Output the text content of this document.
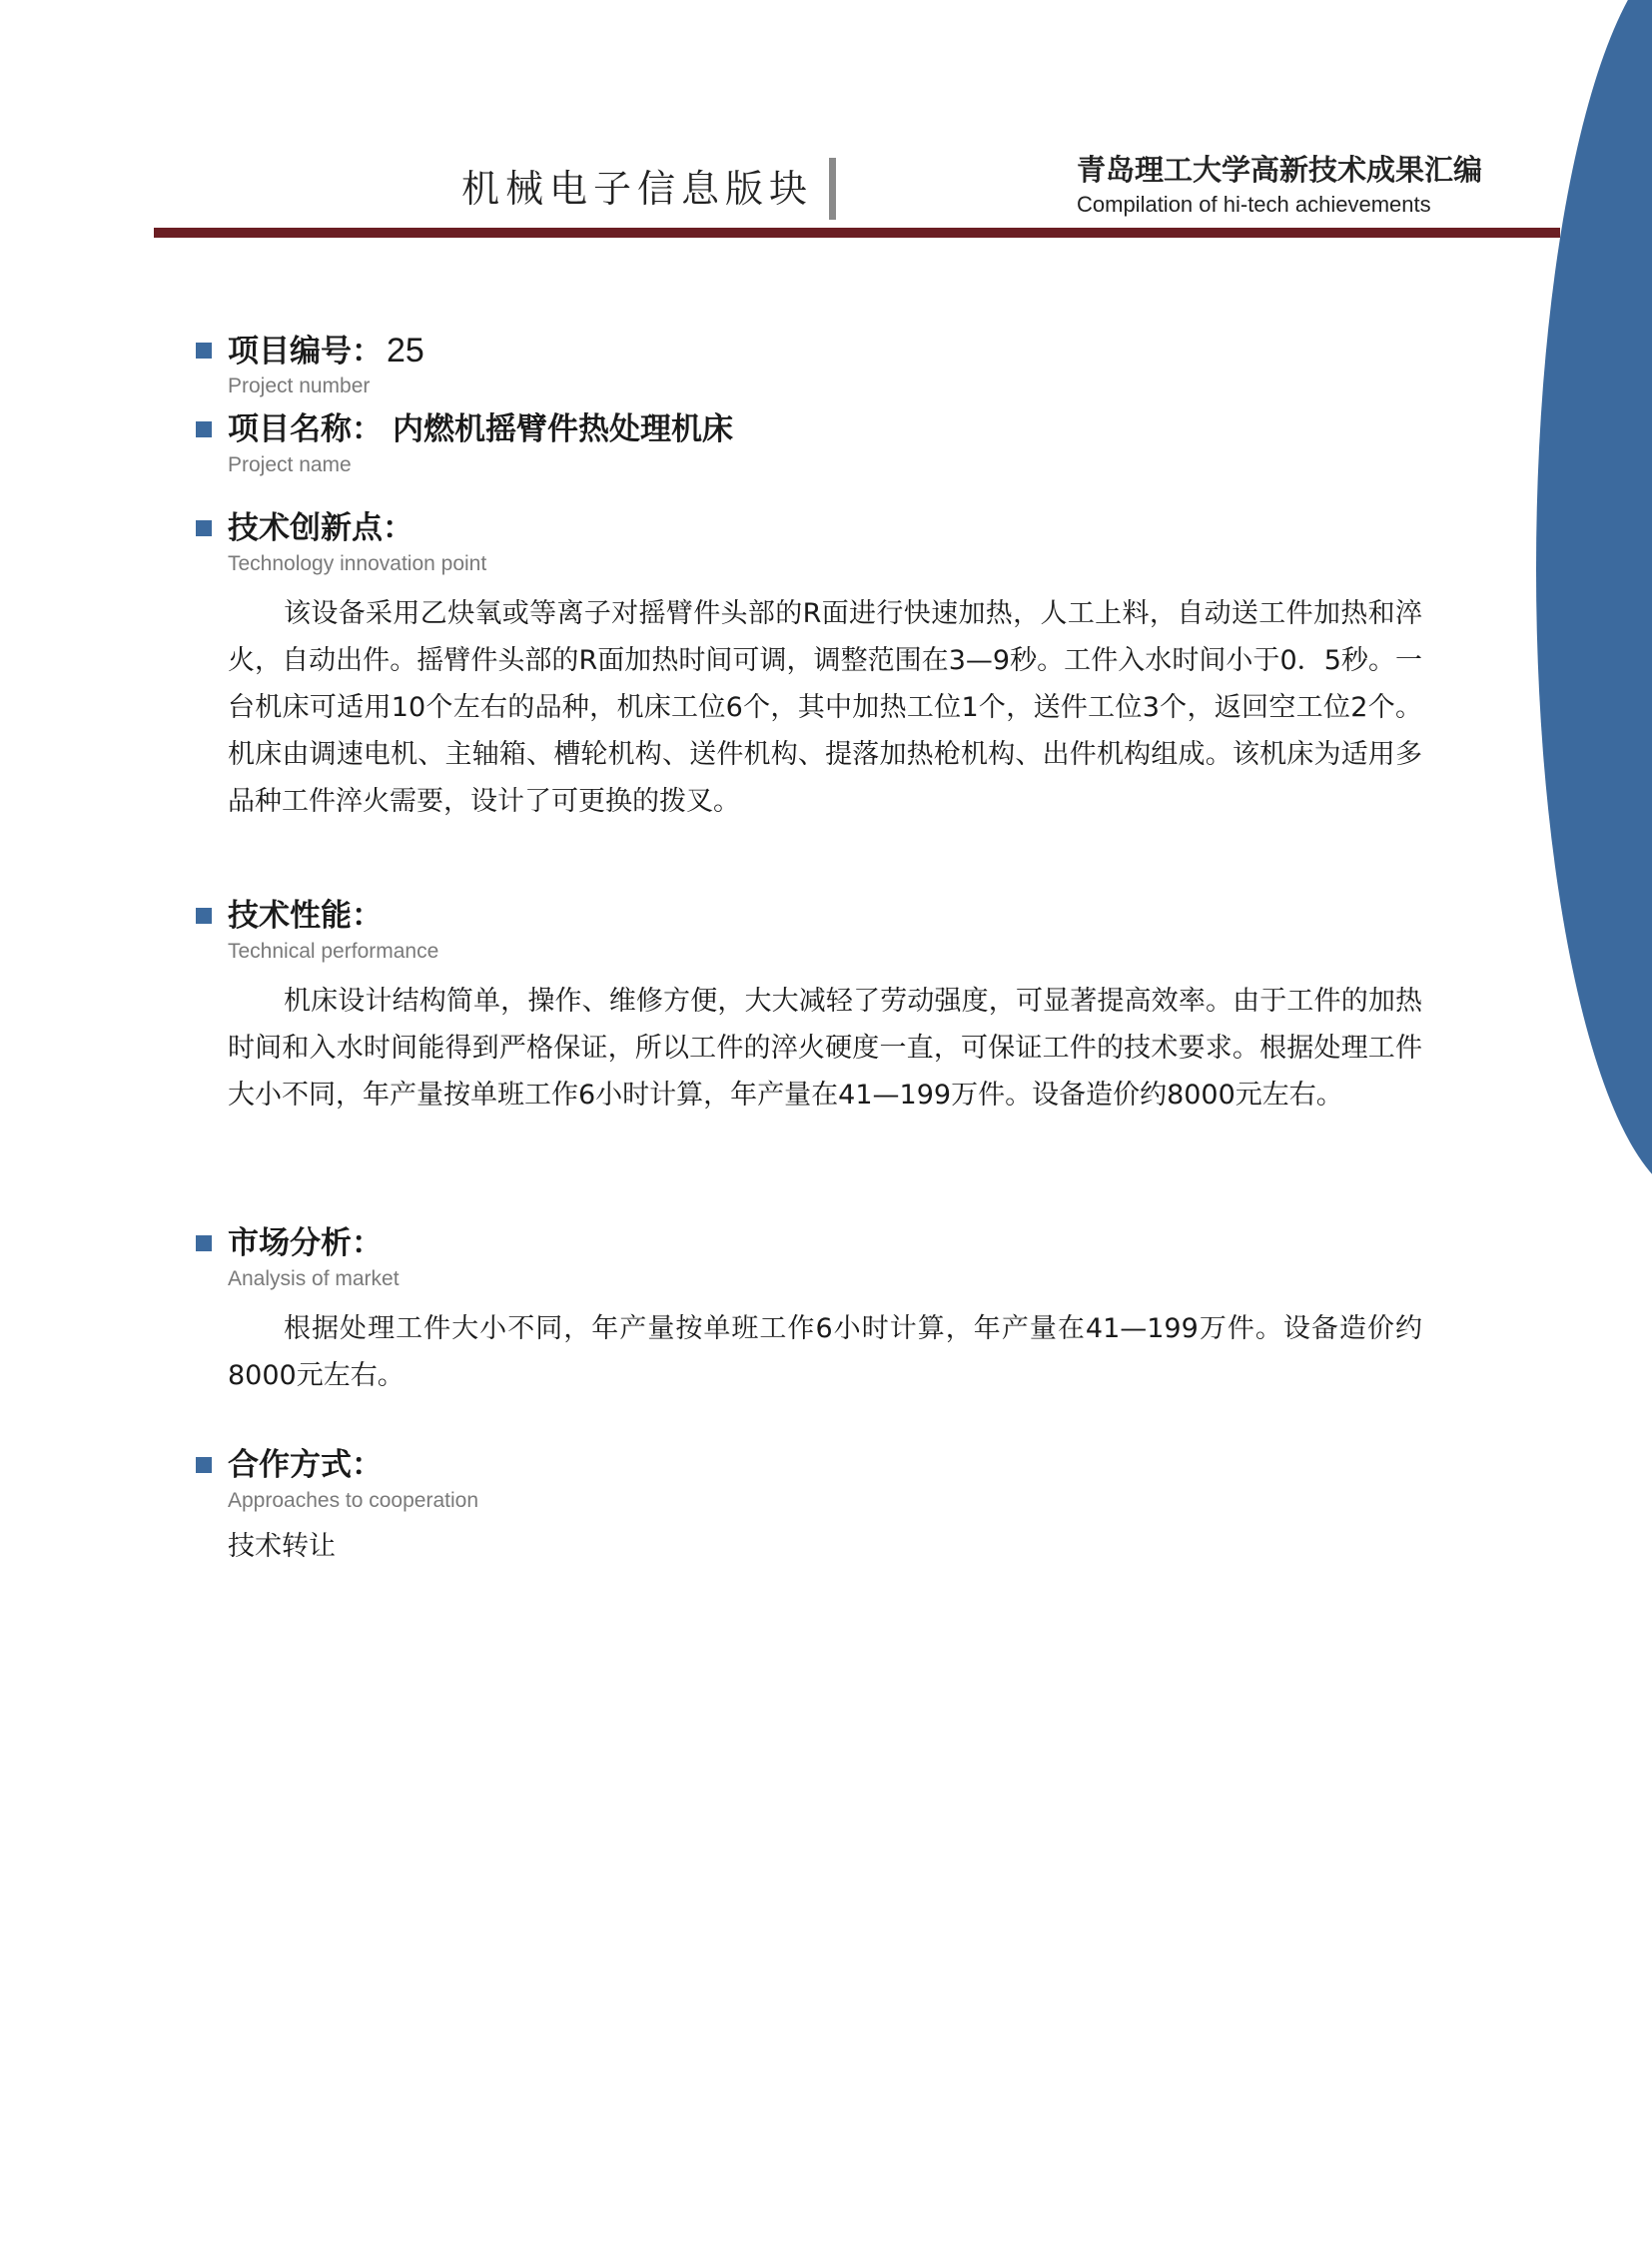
机械电子信息版块	青岛理工大学高新技术成果汇编
Compilation of hi-tech achievements
项目编号： 25
Project number
项目名称： 内燃机摇臂件热处理机床
Project name
技术创新点：
Technology innovation point

该设备采用乙炔氧或等离子对摇臂件头部的R面进行快速加热，人工上料，自动送工件加热和淬火，自动出件。摇臂件头部的R面加热时间可调，调整范围在3—9秒。工件入水时间小于0．5秒。一台机床可适用10个左右的品种，机床工位6个，其中加热工位1个，送件工位3个，返回空工位2个。机床由调速电机、主轴箱、槽轮机构、送件机构、提落加热枪机构、出件机构组成。该机床为适用多品种工件淬火需要，设计了可更换的拨叉。

技术性能：
Technical performance

机床设计结构简单，操作、维修方便，大大减轻了劳动强度，可显著提高效率。由于工件的加热时间和入水时间能得到严格保证，所以工件的淬火硬度一直，可保证工件的技术要求。根据处理工件大小不同，年产量按单班工作6小时计算，年产量在41—199万件。设备造价约8000元左右。

市场分析：
Analysis of market

根据处理工件大小不同，年产量按单班工作6小时计算，年产量在41—199万件。设备造价约8000元左右。

合作方式：
Approaches to cooperation
技术转让
